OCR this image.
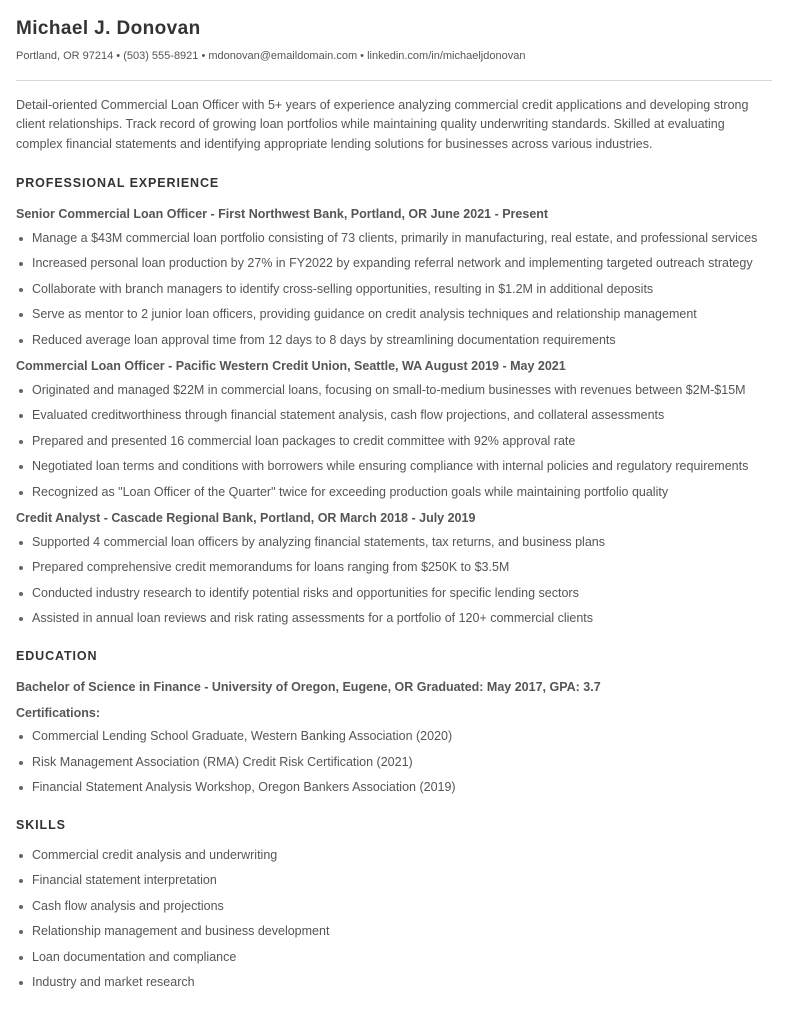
Michael J. Donovan
Portland, OR 97214 • (503) 555-8921 • mdonovan@emaildomain.com • linkedin.com/in/michaeljdonovan

Detail-oriented Commercial Loan Officer with 5+ years of experience analyzing commercial credit applications and developing strong client relationships. Track record of growing loan portfolios while maintaining quality underwriting standards. Skilled at evaluating complex financial statements and identifying appropriate lending solutions for businesses across various industries.

PROFESSIONAL EXPERIENCE
Senior Commercial Loan Officer - First Northwest Bank, Portland, OR June 2021 - Present
Manage a $43M commercial loan portfolio consisting of 73 clients, primarily in manufacturing, real estate, and professional services
Increased personal loan production by 27% in FY2022 by expanding referral network and implementing targeted outreach strategy
Collaborate with branch managers to identify cross-selling opportunities, resulting in $1.2M in additional deposits
Serve as mentor to 2 junior loan officers, providing guidance on credit analysis techniques and relationship management
Reduced average loan approval time from 12 days to 8 days by streamlining documentation requirements
Commercial Loan Officer - Pacific Western Credit Union, Seattle, WA August 2019 - May 2021
Originated and managed $22M in commercial loans, focusing on small-to-medium businesses with revenues between $2M-$15M
Evaluated creditworthiness through financial statement analysis, cash flow projections, and collateral assessments
Prepared and presented 16 commercial loan packages to credit committee with 92% approval rate
Negotiated loan terms and conditions with borrowers while ensuring compliance with internal policies and regulatory requirements
Recognized as "Loan Officer of the Quarter" twice for exceeding production goals while maintaining portfolio quality
Credit Analyst - Cascade Regional Bank, Portland, OR March 2018 - July 2019
Supported 4 commercial loan officers by analyzing financial statements, tax returns, and business plans
Prepared comprehensive credit memorandums for loans ranging from $250K to $3.5M
Conducted industry research to identify potential risks and opportunities for specific lending sectors
Assisted in annual loan reviews and risk rating assessments for a portfolio of 120+ commercial clients
EDUCATION
Bachelor of Science in Finance - University of Oregon, Eugene, OR Graduated: May 2017, GPA: 3.7
Certifications:
Commercial Lending School Graduate, Western Banking Association (2020)
Risk Management Association (RMA) Credit Risk Certification (2021)
Financial Statement Analysis Workshop, Oregon Bankers Association (2019)
SKILLS
Commercial credit analysis and underwriting
Financial statement interpretation
Cash flow analysis and projections
Relationship management and business development
Loan documentation and compliance
Industry and market research
